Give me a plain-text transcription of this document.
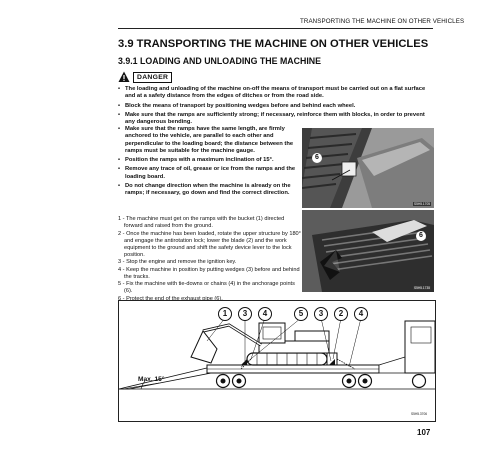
TRANSPORTING THE MACHINE ON OTHER VEHICLES
3.9 TRANSPORTING THE MACHINE ON OTHER VEHICLES
3.9.1 LOADING AND UNLOADING THE MACHINE
DANGER
• The loading and unloading of the machine on-off the means of transport must be carried out on a flat surface and at a safety distance from the edges of ditches or from the road side.
• Block the means of transport by positioning wedges before and behind each wheel.
• Make sure that the ramps are sufficiently strong; if necessary, reinforce them with blocks, in order to prevent any dangerous bending.
• Make sure that the ramps have the same length, are firmly anchored to the vehicle, are parallel to each other and perpendicular to the loading board; the distance between the ramps must be suitable for the machine gauge.
• Position the ramps with a maximum inclination of 15°.
• Remove any trace of oil, grease or ice from the ramps and the loading board.
• Do not change direction when the machine is already on the ramps; if necessary, go down and find the correct direction.
1 - The machine must get on the ramps with the bucket (1) directed forward and raised from the ground.
2 - Once the machine has been loaded, rotate the upper structure by 180° and engage the antirotation lock; lower the blade (2) and the work equipment to the ground and shift the safety device lever to the lock position.
3 - Stop the engine and remove the ignition key.
4 - Keep the machine in position by putting wedges (3) before and behind the tracks.
5 - Fix the machine with tie-downs or chains (4) in the anchorage points (6).
6 - Protect the end of the exhaust pipe (6).
6
S5H5.1705
6
S5H5.1735
1	3	4	5	3	2	4
Max. 15°
S5H5.3706
107
